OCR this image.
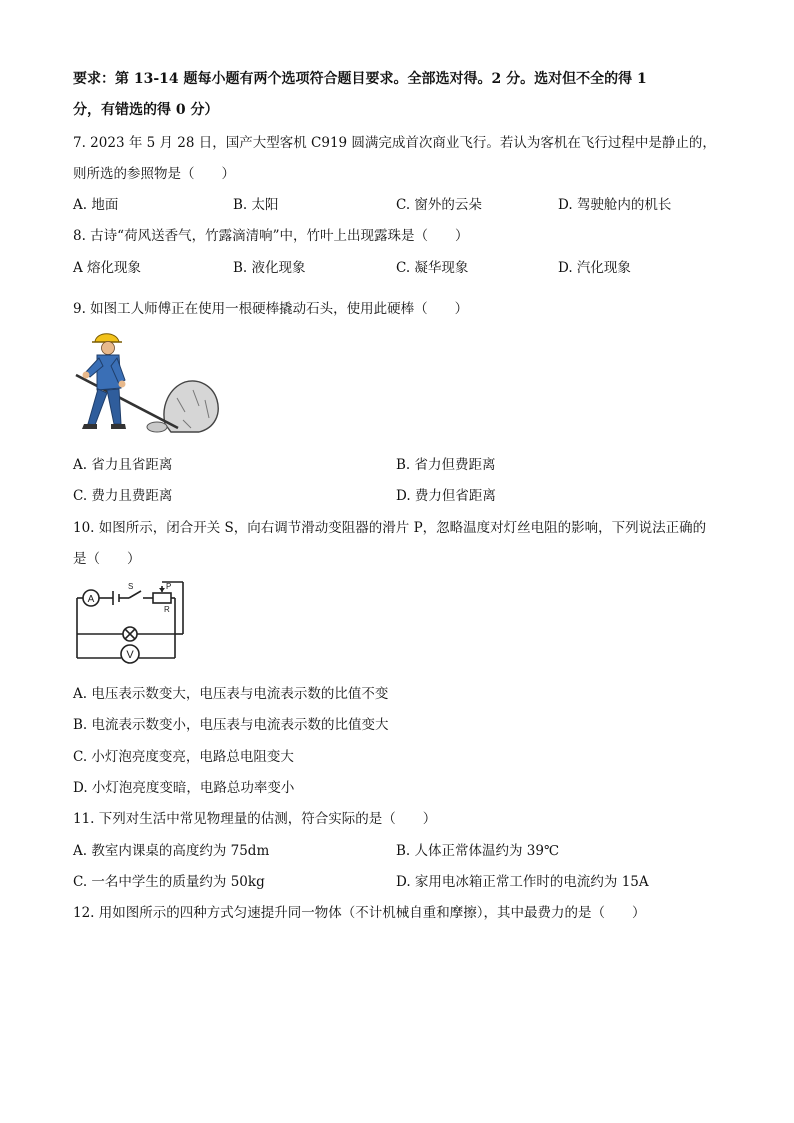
要求：第 13-14 题每小题有两个选项符合题目要求。全部选对得。2 分。选对但不全的得 1
分，有错选的得 0 分）
7. 2023 年 5 月 28 日，国产大型客机 C919 圆满完成首次商业飞行。若认为客机在飞行过程中是静止的，
则所选的参照物是（　　）
A. 地面	B. 太阳	C. 窗外的云朵	D. 驾驶舱内的机长
8. 古诗“荷风送香气，竹露滴清响”中，竹叶上出现露珠是（　　）
A 熔化现象	B. 液化现象	C. 凝华现象	D. 汽化现象
9. 如图工人师傅正在使用一根硬棒撬动石头，使用此硬棒（　　）
A. 省力且省距离	B. 省力但费距离
C. 费力且费距离	D. 费力但省距离
10. 如图所示，闭合开关 S，向右调节滑动变阻器的滑片 P，忽略温度对灯丝电阻的影响，下列说法正确的
是（　　）
A
V
S	P
R
A. 电压表示数变大，电压表与电流表示数的比值不变
B. 电流表示数变小，电压表与电流表示数的比值变大
C. 小灯泡亮度变亮，电路总电阻变大
D. 小灯泡亮度变暗，电路总功率变小
11. 下列对生活中常见物理量的估测，符合实际的是（　　）
A. 教室内课桌的高度约为 75dm	B. 人体正常体温约为 39℃
C. 一名中学生的质量约为 50kg	D. 家用电冰箱正常工作时的电流约为 15A
12. 用如图所示的四种方式匀速提升同一物体（不计机械自重和摩擦），其中最费力的是（　　）
